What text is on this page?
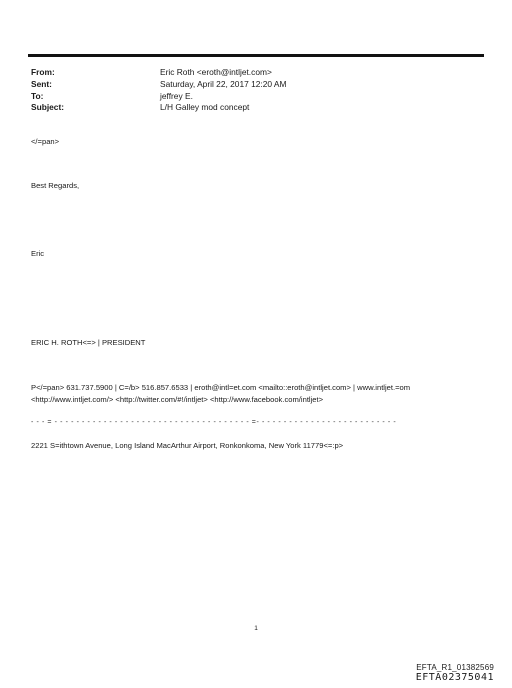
From:	Eric Roth <eroth@intljet.com>
Sent:	Saturday, April 22, 2017 12:20 AM
To:	jeffrey E.
Subject:	L/H Galley mod concept
</=pan>
Best Regards,
Eric
ERIC H. ROTH<=> | PRESIDENT
P</=pan> 631.737.5900 | C=/b> 516.857.6533 | eroth@intl=et.com <mailto::eroth@intljet.com> | www.intljet.=om
<http://www.intljet.com/> <http://twitter.com/#!/intljet> <http://www.facebook.com/intljet>
- - - = - - - - - - - - - - - - - - - - - - - - - - - - - - - - - - - - - - - - =- - - - - - - - - - - - - - - - - - - - - - - - - -
2221 S=ithtown Avenue, Long Island MacArthur Airport, Ronkonkoma, New York 11779<=:p>
1
EFTA_R1_01382569
EFTA02375041
